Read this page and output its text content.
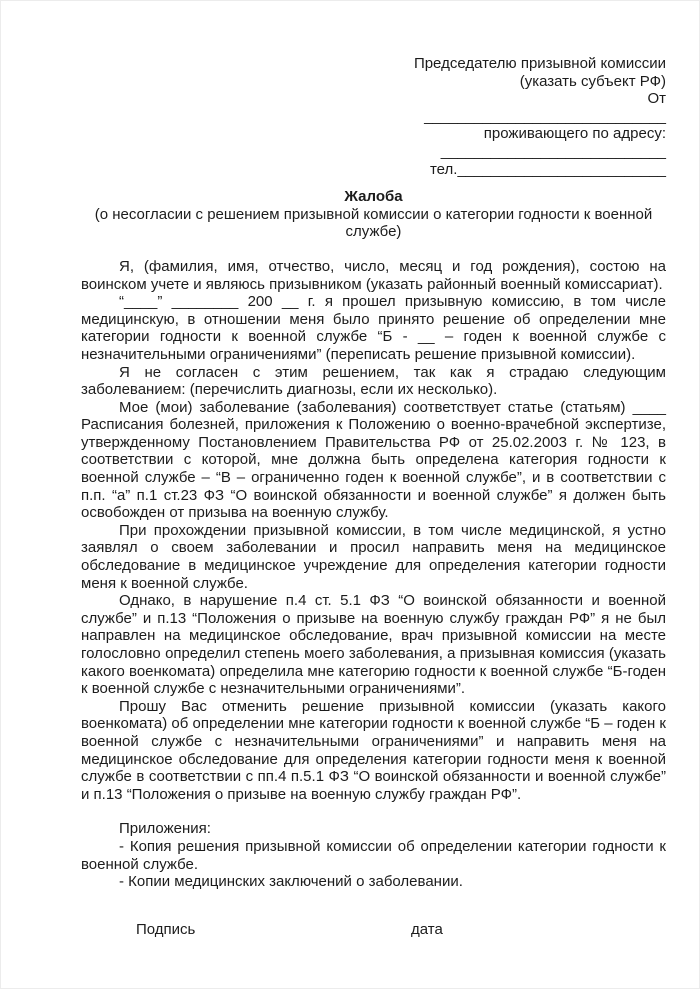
Председателю призывной комиссии
(указать субъект РФ)
От
_____________________________
проживающего по адресу:
___________________________
тел._________________________
Жалоба
(о несогласии с решением призывной комиссии о категории годности к военной службе)

Я, (фамилия, имя, отчество, число, месяц и год рождения), состою на воинском учете и являюсь призывником (указать районный военный комиссариат).

“____” ________ 200 __ г. я прошел призывную комиссию, в том числе медицинскую, в отношении меня было принято решение об определении мне категории годности к военной службе “Б - __ – годен к военной службе с незначительными ограничениями” (переписать решение призывной комиссии).

Я не согласен с этим решением, так как я страдаю следующим заболеванием: (перечислить диагнозы, если их несколько).

Мое (мои) заболевание (заболевания) соответствует статье (статьям) ____ Расписания болезней, приложения к Положению о военно-врачебной экспертизе, утвержденному Постановлением Правительства РФ от 25.02.2003 г. № 123, в соответствии с которой, мне должна быть определена категория годности к военной службе – “В – ограниченно годен к военной службе”, и в соответствии с п.п. “а” п.1 ст.23 ФЗ “О воинской обязанности и военной службе” я должен быть освобожден от призыва на военную службу.

При прохождении призывной комиссии, в том числе медицинской, я устно заявлял о своем заболевании и просил направить меня на медицинское обследование в медицинское учреждение для определения категории годности меня к военной службе.

Однако, в нарушение п.4 ст. 5.1 ФЗ “О воинской обязанности и военной службе” и п.13 “Положения о призыве на военную службу граждан РФ” я не был направлен на медицинское обследование, врач призывной комиссии на месте голословно определил степень моего заболевания, а призывная комиссия (указать какого военкомата) определила мне категорию годности к военной службе “Б-годен к военной службе с незначительными ограничениями”.

Прошу Вас отменить решение призывной комиссии (указать какого военкомата) об определении мне категории годности к военной службе “Б – годен к военной службе с незначительными ограничениями” и направить меня на медицинское обследование для определения категории годности меня к военной службе в соответствии с пп.4 п.5.1 ФЗ “О воинской обязанности и военной службе” и п.13 “Положения о призыве на военную службу граждан РФ”.

Приложения:

- Копия решения призывной комиссии об определении категории годности к военной службе.

- Копии медицинских заключений о заболевании.

Подпись	дата
